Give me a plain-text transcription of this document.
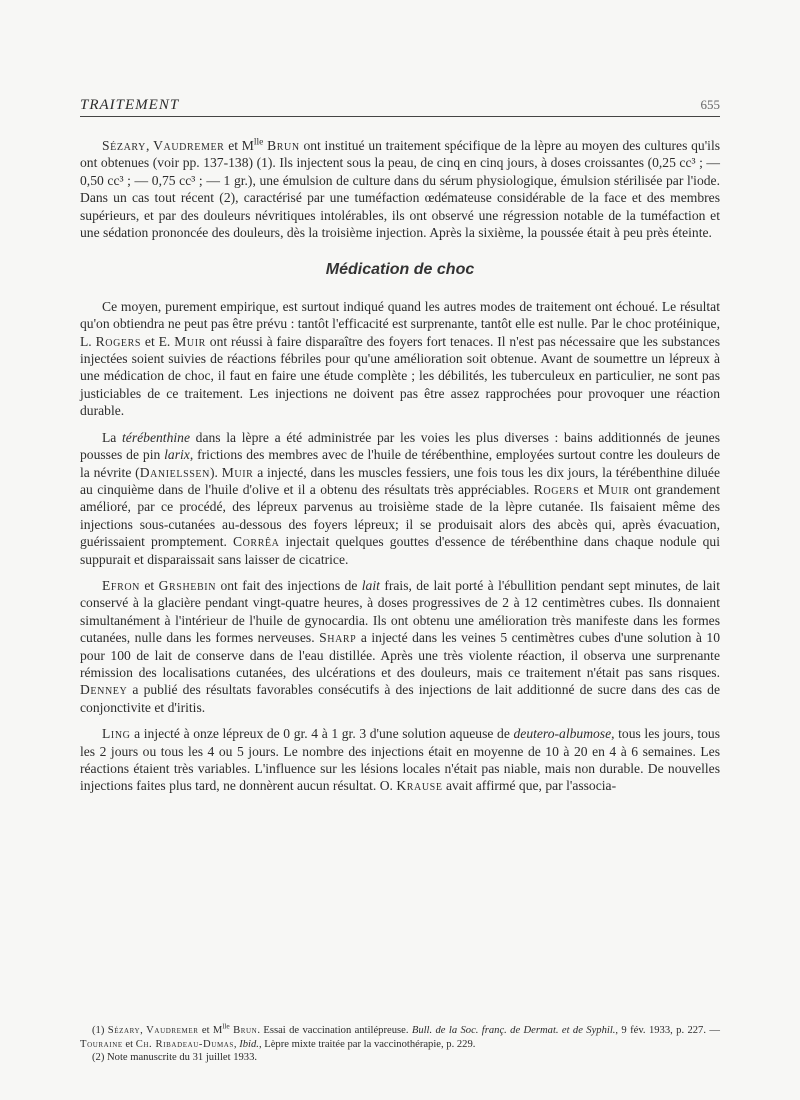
TRAITEMENT	655

Sézary, Vaudremer et $M^{lle}$ Brun ont institué un traitement spécifique de la lèpre au moyen des cultures qu'ils ont obtenues (voir pp. 137-138) (1). Ils injectent sous la peau, de cinq en cinq jours, à doses croissantes (0,25 cc³ ; — 0,50 cc³ ; — 0,75 cc³ ; — 1 gr.), une émulsion de culture dans du sérum physiologique, émulsion stérilisée par l'iode. Dans un cas tout récent (2), caractérisé par une tuméfaction œdémateuse considérable de la face et des membres supérieurs, et par des douleurs névritiques intolérables, ils ont observé une régression notable de la tuméfaction et une sédation prononcée des douleurs, dès la troisième injection. Après la sixième, la poussée était à peu près éteinte.

Médication de choc

Ce moyen, purement empirique, est surtout indiqué quand les autres modes de traitement ont échoué. Le résultat qu'on obtiendra ne peut pas être prévu : tantôt l'efficacité est surprenante, tantôt elle est nulle. Par le choc protéinique, L. Rogers et E. Muir ont réussi à faire disparaître des foyers fort tenaces. Il n'est pas nécessaire que les substances injectées soient suivies de réactions fébriles pour qu'une amélioration soit obtenue. Avant de soumettre un lépreux à une médication de choc, il faut en faire une étude complète ; les débilités, les tuberculeux en particulier, ne sont pas justiciables de ce traitement. Les injections ne doivent pas être assez rapprochées pour provoquer une réaction durable.

La térébenthine dans la lèpre a été administrée par les voies les plus diverses : bains additionnés de jeunes pousses de pin larix, frictions des membres avec de l'huile de térébenthine, employées surtout contre les douleurs de la névrite (Danielssen). Muir a injecté, dans les muscles fessiers, une fois tous les dix jours, la térébenthine diluée au cinquième dans de l'huile d'olive et il a obtenu des résultats très appréciables. Rogers et Muir ont grandement amélioré, par ce procédé, des lépreux parvenus au troisième stade de la lèpre cutanée. Ils faisaient même des injections sous-cutanées au-dessous des foyers lépreux; il se produisait alors des abcès qui, après évacuation, guérissaient promptement. Corrêa injectait quelques gouttes d'essence de térébenthine dans chaque nodule qui suppurait et disparaissait sans laisser de cicatrice.

Efron et Grshebin ont fait des injections de lait frais, de lait porté à l'ébullition pendant sept minutes, de lait conservé à la glacière pendant vingt-quatre heures, à doses progressives de 2 à 12 centimètres cubes. Ils donnaient simultanément à l'intérieur de l'huile de gynocardia. Ils ont obtenu une amélioration très manifeste dans les formes cutanées, nulle dans les formes nerveuses. Sharp a injecté dans les veines 5 centimètres cubes d'une solution à 10 pour 100 de lait de conserve dans de l'eau distillée. Après une très violente réaction, il observa une surprenante rémission des localisations cutanées, des ulcérations et des douleurs, mais ce traitement n'était pas sans risques. Denney a publié des résultats favorables consécutifs à des injections de lait additionné de sucre dans des cas de conjonctivite et d'iritis.

Ling a injecté à onze lépreux de 0 gr. 4 à 1 gr. 3 d'une solution aqueuse de deutero-albumose, tous les jours, tous les 2 jours ou tous les 4 ou 5 jours. Le nombre des injections était en moyenne de 10 à 20 en 4 à 6 semaines. Les réactions étaient très variables. L'influence sur les lésions locales n'était pas niable, mais non durable. De nouvelles injections faites plus tard, ne donnèrent aucun résultat. O. Krause avait affirmé que, par l'associa-

(1) Sézary, Vaudremer et $M^{lle}$ Brun. Essai de vaccination antilépreuse. Bull. de la Soc. franç. de Dermat. et de Syphil., 9 fév. 1933, p. 227. — Touraine et Ch. Ribadeau-Dumas, Ibid., Lèpre mixte traitée par la vaccinothérapie, p. 229.

(2) Note manuscrite du 31 juillet 1933.
